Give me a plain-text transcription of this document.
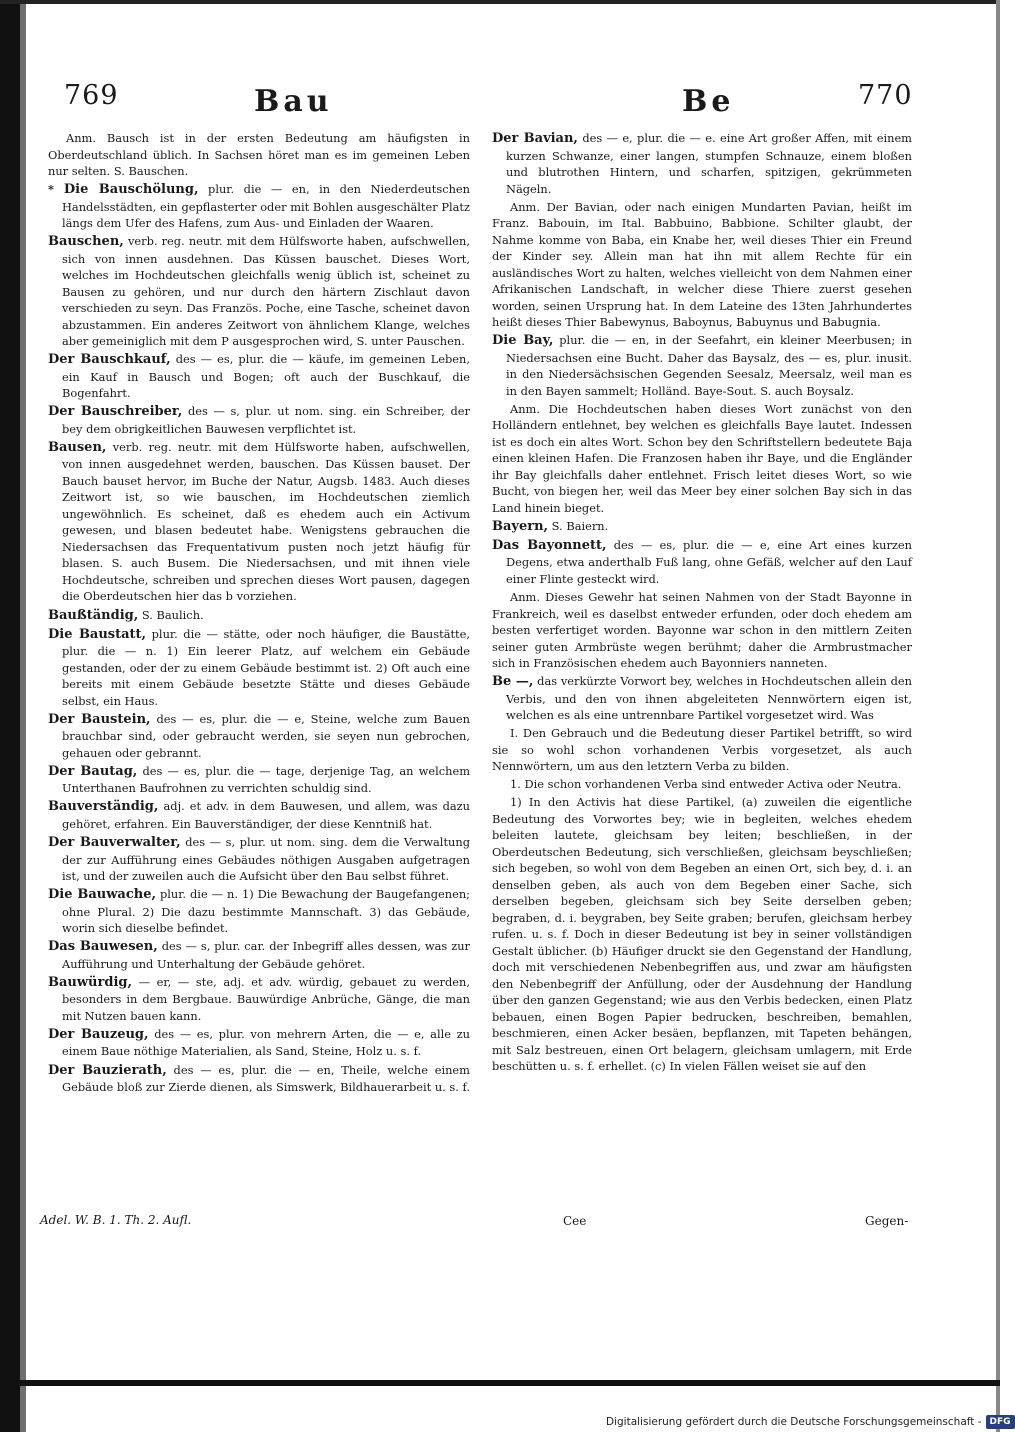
769	Bau	Be	770

Anm. Bausch ist in der ersten Bedeutung am häufigsten in Oberdeutschland üblich. In Sachsen höret man es im gemeinen Leben nur selten. S. Bauschen.

* Die Bauschölung, plur. die — en, in den Niederdeutschen Handelsstädten, ein gepflasterter oder mit Bohlen ausgeschälter Platz längs dem Ufer des Hafens, zum Aus- und Einladen der Waaren.

Bauschen, verb. reg. neutr. mit dem Hülfsworte haben, aufschwellen, sich von innen ausdehnen. Das Küssen bauschet. Dieses Wort, welches im Hochdeutschen gleichfalls wenig üblich ist, scheinet zu Bausen zu gehören, und nur durch den härtern Zischlaut davon verschieden zu seyn. Das Französ. Poche, eine Tasche, scheinet davon abzustammen. Ein anderes Zeitwort von ähnlichem Klange, welches aber gemeiniglich mit dem P ausgesprochen wird, S. unter Pauschen.

Der Bauschkauf, des — es, plur. die — käufe, im gemeinen Leben, ein Kauf in Bausch und Bogen; oft auch der Buschkauf, die Bogenfahrt.

Der Bauschreiber, des — s, plur. ut nom. sing. ein Schreiber, der bey dem obrigkeitlichen Bauwesen verpflichtet ist.

Bausen, verb. reg. neutr. mit dem Hülfsworte haben, aufschwellen, von innen ausgedehnet werden, bauschen. Das Küssen bauset. Der Bauch bauset hervor, im Buche der Natur, Augsb. 1483. Auch dieses Zeitwort ist, so wie bauschen, im Hochdeutschen ziemlich ungewöhnlich. Es scheinet, daß es ehedem auch ein Activum gewesen, und blasen bedeutet habe. Wenigstens gebrauchen die Niedersachsen das Frequentativum pusten noch jetzt häufig für blasen. S. auch Busem. Die Niedersachsen, und mit ihnen viele Hochdeutsche, schreiben und sprechen dieses Wort pausen, dagegen die Oberdeutschen hier das b vorziehen.

Baußtändig, S. Baulich.

Die Baustatt, plur. die — stätte, oder noch häufiger, die Baustätte, plur. die — n. 1) Ein leerer Platz, auf welchem ein Gebäude gestanden, oder der zu einem Gebäude bestimmt ist. 2) Oft auch eine bereits mit einem Gebäude besetzte Stätte und dieses Gebäude selbst, ein Haus.

Der Baustein, des — es, plur. die — e, Steine, welche zum Bauen brauchbar sind, oder gebraucht werden, sie seyen nun gebrochen, gehauen oder gebrannt.

Der Bautag, des — es, plur. die — tage, derjenige Tag, an welchem Unterthanen Baufrohnen zu verrichten schuldig sind.

Bauverständig, adj. et adv. in dem Bauwesen, und allem, was dazu gehöret, erfahren. Ein Bauverständiger, der diese Kenntniß hat.

Der Bauverwalter, des — s, plur. ut nom. sing. dem die Verwaltung der zur Aufführung eines Gebäudes nöthigen Ausgaben aufgetragen ist, und der zuweilen auch die Aufsicht über den Bau selbst führet.

Die Bauwache, plur. die — n. 1) Die Bewachung der Baugefangenen; ohne Plural. 2) Die dazu bestimmte Mannschaft. 3) das Gebäude, worin sich dieselbe befindet.

Das Bauwesen, des — s, plur. car. der Inbegriff alles dessen, was zur Aufführung und Unterhaltung der Gebäude gehöret.

Bauwürdig, — er, — ste, adj. et adv. würdig, gebauet zu werden, besonders in dem Bergbaue. Bauwürdige Anbrüche, Gänge, die man mit Nutzen bauen kann.

Der Bauzeug, des — es, plur. von mehrern Arten, die — e, alle zu einem Baue nöthige Materialien, als Sand, Steine, Holz u. s. f.

Der Bauzierath, des — es, plur. die — en, Theile, welche einem Gebäude bloß zur Zierde dienen, als Simswerk, Bildhauerarbeit u. s. f.

Der Bavian, des — e, plur. die — e. eine Art großer Affen, mit einem kurzen Schwanze, einer langen, stumpfen Schnauze, einem bloßen und blutrothen Hintern, und scharfen, spitzigen, gekrümmeten Nägeln.

Anm. Der Bavian, oder nach einigen Mundarten Pavian, heißt im Franz. Babouin, im Ital. Babbuino, Babbione. Schilter glaubt, der Nahme komme von Baba, ein Knabe her, weil dieses Thier ein Freund der Kinder sey. Allein man hat ihn mit allem Rechte für ein ausländisches Wort zu halten, welches vielleicht von dem Nahmen einer Afrikanischen Landschaft, in welcher diese Thiere zuerst gesehen worden, seinen Ursprung hat. In dem Lateine des 13ten Jahrhundertes heißt dieses Thier Babewynus, Baboynus, Babuynus und Babugnia.

Die Bay, plur. die — en, in der Seefahrt, ein kleiner Meerbusen; in Niedersachsen eine Bucht. Daher das Baysalz, des — es, plur. inusit. in den Niedersächsischen Gegenden Seesalz, Meersalz, weil man es in den Bayen sammelt; Holländ. Baye-Sout. S. auch Boysalz.

Anm. Die Hochdeutschen haben dieses Wort zunächst von den Holländern entlehnet, bey welchen es gleichfalls Baye lautet. Indessen ist es doch ein altes Wort. Schon bey den Schriftstellern bedeutete Baja einen kleinen Hafen. Die Franzosen haben ihr Baye, und die Engländer ihr Bay gleichfalls daher entlehnet. Frisch leitet dieses Wort, so wie Bucht, von biegen her, weil das Meer bey einer solchen Bay sich in das Land hinein bieget.

Bayern, S. Baiern.

Das Bayonnett, des — es, plur. die — e, eine Art eines kurzen Degens, etwa anderthalb Fuß lang, ohne Gefäß, welcher auf den Lauf einer Flinte gesteckt wird.

Anm. Dieses Gewehr hat seinen Nahmen von der Stadt Bayonne in Frankreich, weil es daselbst entweder erfunden, oder doch ehedem am besten verfertiget worden. Bayonne war schon in den mittlern Zeiten seiner guten Armbrüste wegen berühmt; daher die Armbrustmacher sich in Französischen ehedem auch Bayonniers nanneten.

Be —, das verkürzte Vorwort bey, welches in Hochdeutschen allein den Verbis, und den von ihnen abgeleiteten Nennwörtern eigen ist, welchen es als eine untrennbare Partikel vorgesetzet wird. Was

I. Den Gebrauch und die Bedeutung dieser Partikel betrifft, so wird sie so wohl schon vorhandenen Verbis vorgesetzet, als auch Nennwörtern, um aus den letztern Verba zu bilden.

1. Die schon vorhandenen Verba sind entweder Activa oder Neutra.

1) In den Activis hat diese Partikel, (a) zuweilen die eigentliche Bedeutung des Vorwortes bey; wie in begleiten, welches ehedem beleiten lautete, gleichsam bey leiten; beschließen, in der Oberdeutschen Bedeutung, sich verschließen, gleichsam beyschließen; sich begeben, so wohl von dem Begeben an einen Ort, sich bey, d. i. an denselben geben, als auch von dem Begeben einer Sache, sich derselben begeben, gleichsam sich bey Seite derselben geben; begraben, d. i. beygraben, bey Seite graben; berufen, gleichsam herbey rufen. u. s. f. Doch in dieser Bedeutung ist bey in seiner vollständigen Gestalt üblicher. (b) Häufiger druckt sie den Gegenstand der Handlung, doch mit verschiedenen Nebenbegriffen aus, und zwar am häufigsten den Nebenbegriff der Anfüllung, oder der Ausdehnung der Handlung über den ganzen Gegenstand; wie aus den Verbis bedecken, einen Platz bebauen, einen Bogen Papier bedrucken, beschreiben, bemahlen, beschmieren, einen Acker besäen, bepflanzen, mit Tapeten behängen, mit Salz bestreuen, einen Ort belagern, gleichsam umlagern, mit Erde beschütten u. s. f. erhellet. (c) In vielen Fällen weiset sie auf den

Adel. W. B. 1. Th. 2. Aufl.	Cee	Gegen-
Digitalisierung gefördert durch die Deutsche Forschungsgemeinschaft - DFG
